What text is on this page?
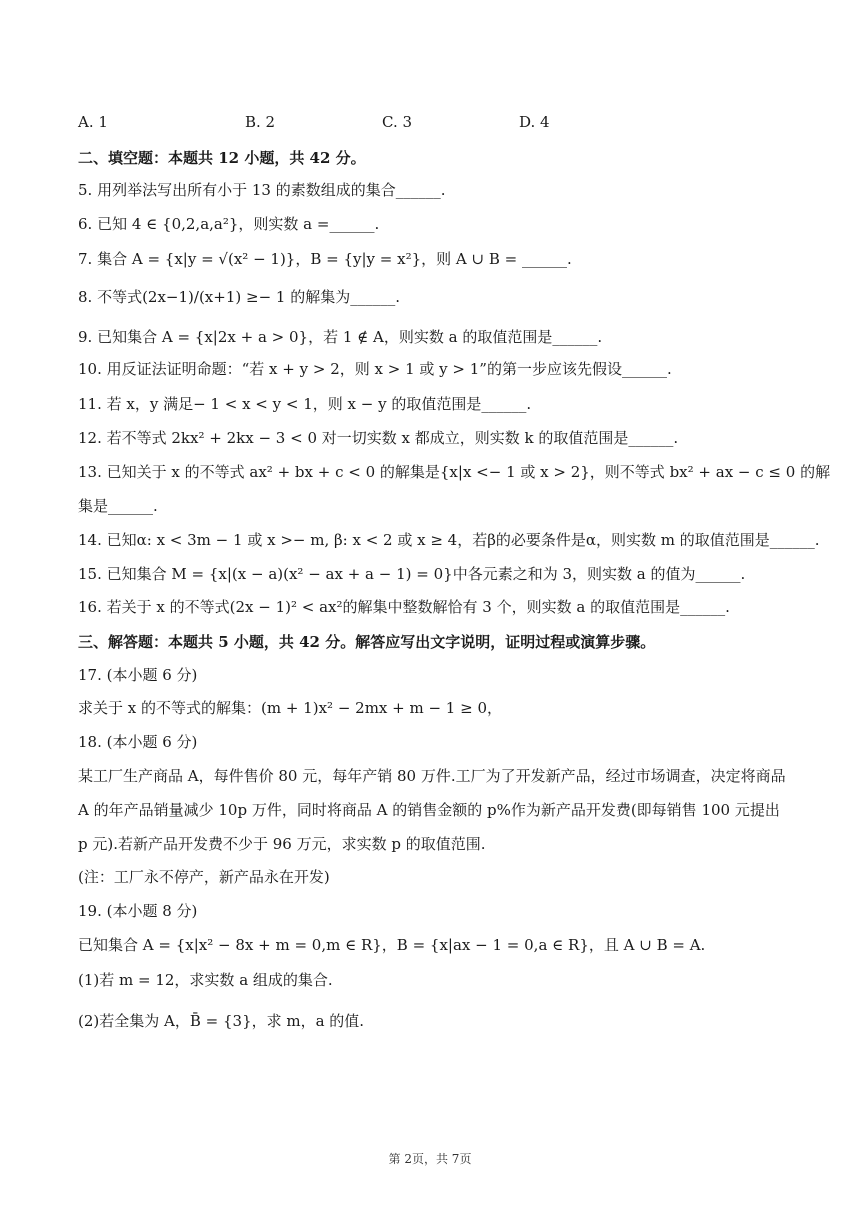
A. 1	B. 2	C. 3	D. 4
二、填空题：本题共 12 小题，共 42 分。
5. 用列举法写出所有小于 13 的素数组成的集合______.
6. 已知 4 ∈ {0,2,a,a²}，则实数 a =______.
7. 集合 A = {x|y = √(x² − 1)}，B = {y|y = x²}，则 A ∪ B = ______.
8. 不等式(2x−1)/(x+1) ≥− 1 的解集为______.
9. 已知集合 A = {x|2x + a > 0}，若 1 ∉ A，则实数 a 的取值范围是______.
10. 用反证法证明命题：“若 x + y > 2，则 x > 1 或 y > 1”的第一步应该先假设______.
11. 若 x，y 满足− 1 < x < y < 1，则 x − y 的取值范围是______.
12. 若不等式 2kx² + 2kx − 3 < 0 对一切实数 x 都成立，则实数 k 的取值范围是______.
13. 已知关于 x 的不等式 ax² + bx + c < 0 的解集是{x|x <− 1 或 x > 2}，则不等式 bx² + ax − c ≤ 0 的解
集是______.
14. 已知α: x < 3m − 1 或 x >− m, β: x < 2 或 x ≥ 4，若β的必要条件是α，则实数 m 的取值范围是______.
15. 已知集合 M = {x|(x − a)(x² − ax + a − 1) = 0}中各元素之和为 3，则实数 a 的值为______.
16. 若关于 x 的不等式(2x − 1)² < ax²的解集中整数解恰有 3 个，则实数 a 的取值范围是______.
三、解答题：本题共 5 小题，共 42 分。解答应写出文字说明，证明过程或演算步骤。
17. (本小题 6 分)
求关于 x 的不等式的解集：(m + 1)x² − 2mx + m − 1 ≥ 0，
18. (本小题 6 分)
某工厂生产商品 A，每件售价 80 元，每年产销 80 万件.工厂为了开发新产品，经过市场调查，决定将商品
A 的年产品销量减少 10p 万件，同时将商品 A 的销售金额的 p%作为新产品开发费(即每销售 100 元提出
p 元).若新产品开发费不少于 96 万元，求实数 p 的取值范围.
(注：工厂永不停产，新产品永在开发)
19. (本小题 8 分)
已知集合 A = {x|x² − 8x + m = 0,m ∈ R}，B = {x|ax − 1 = 0,a ∈ R}，且 A ∪ B = A.
(1)若 m = 12，求实数 a 组成的集合.
(2)若全集为 A，B̄ = {3}，求 m，a 的值.
第 2页，共 7页
